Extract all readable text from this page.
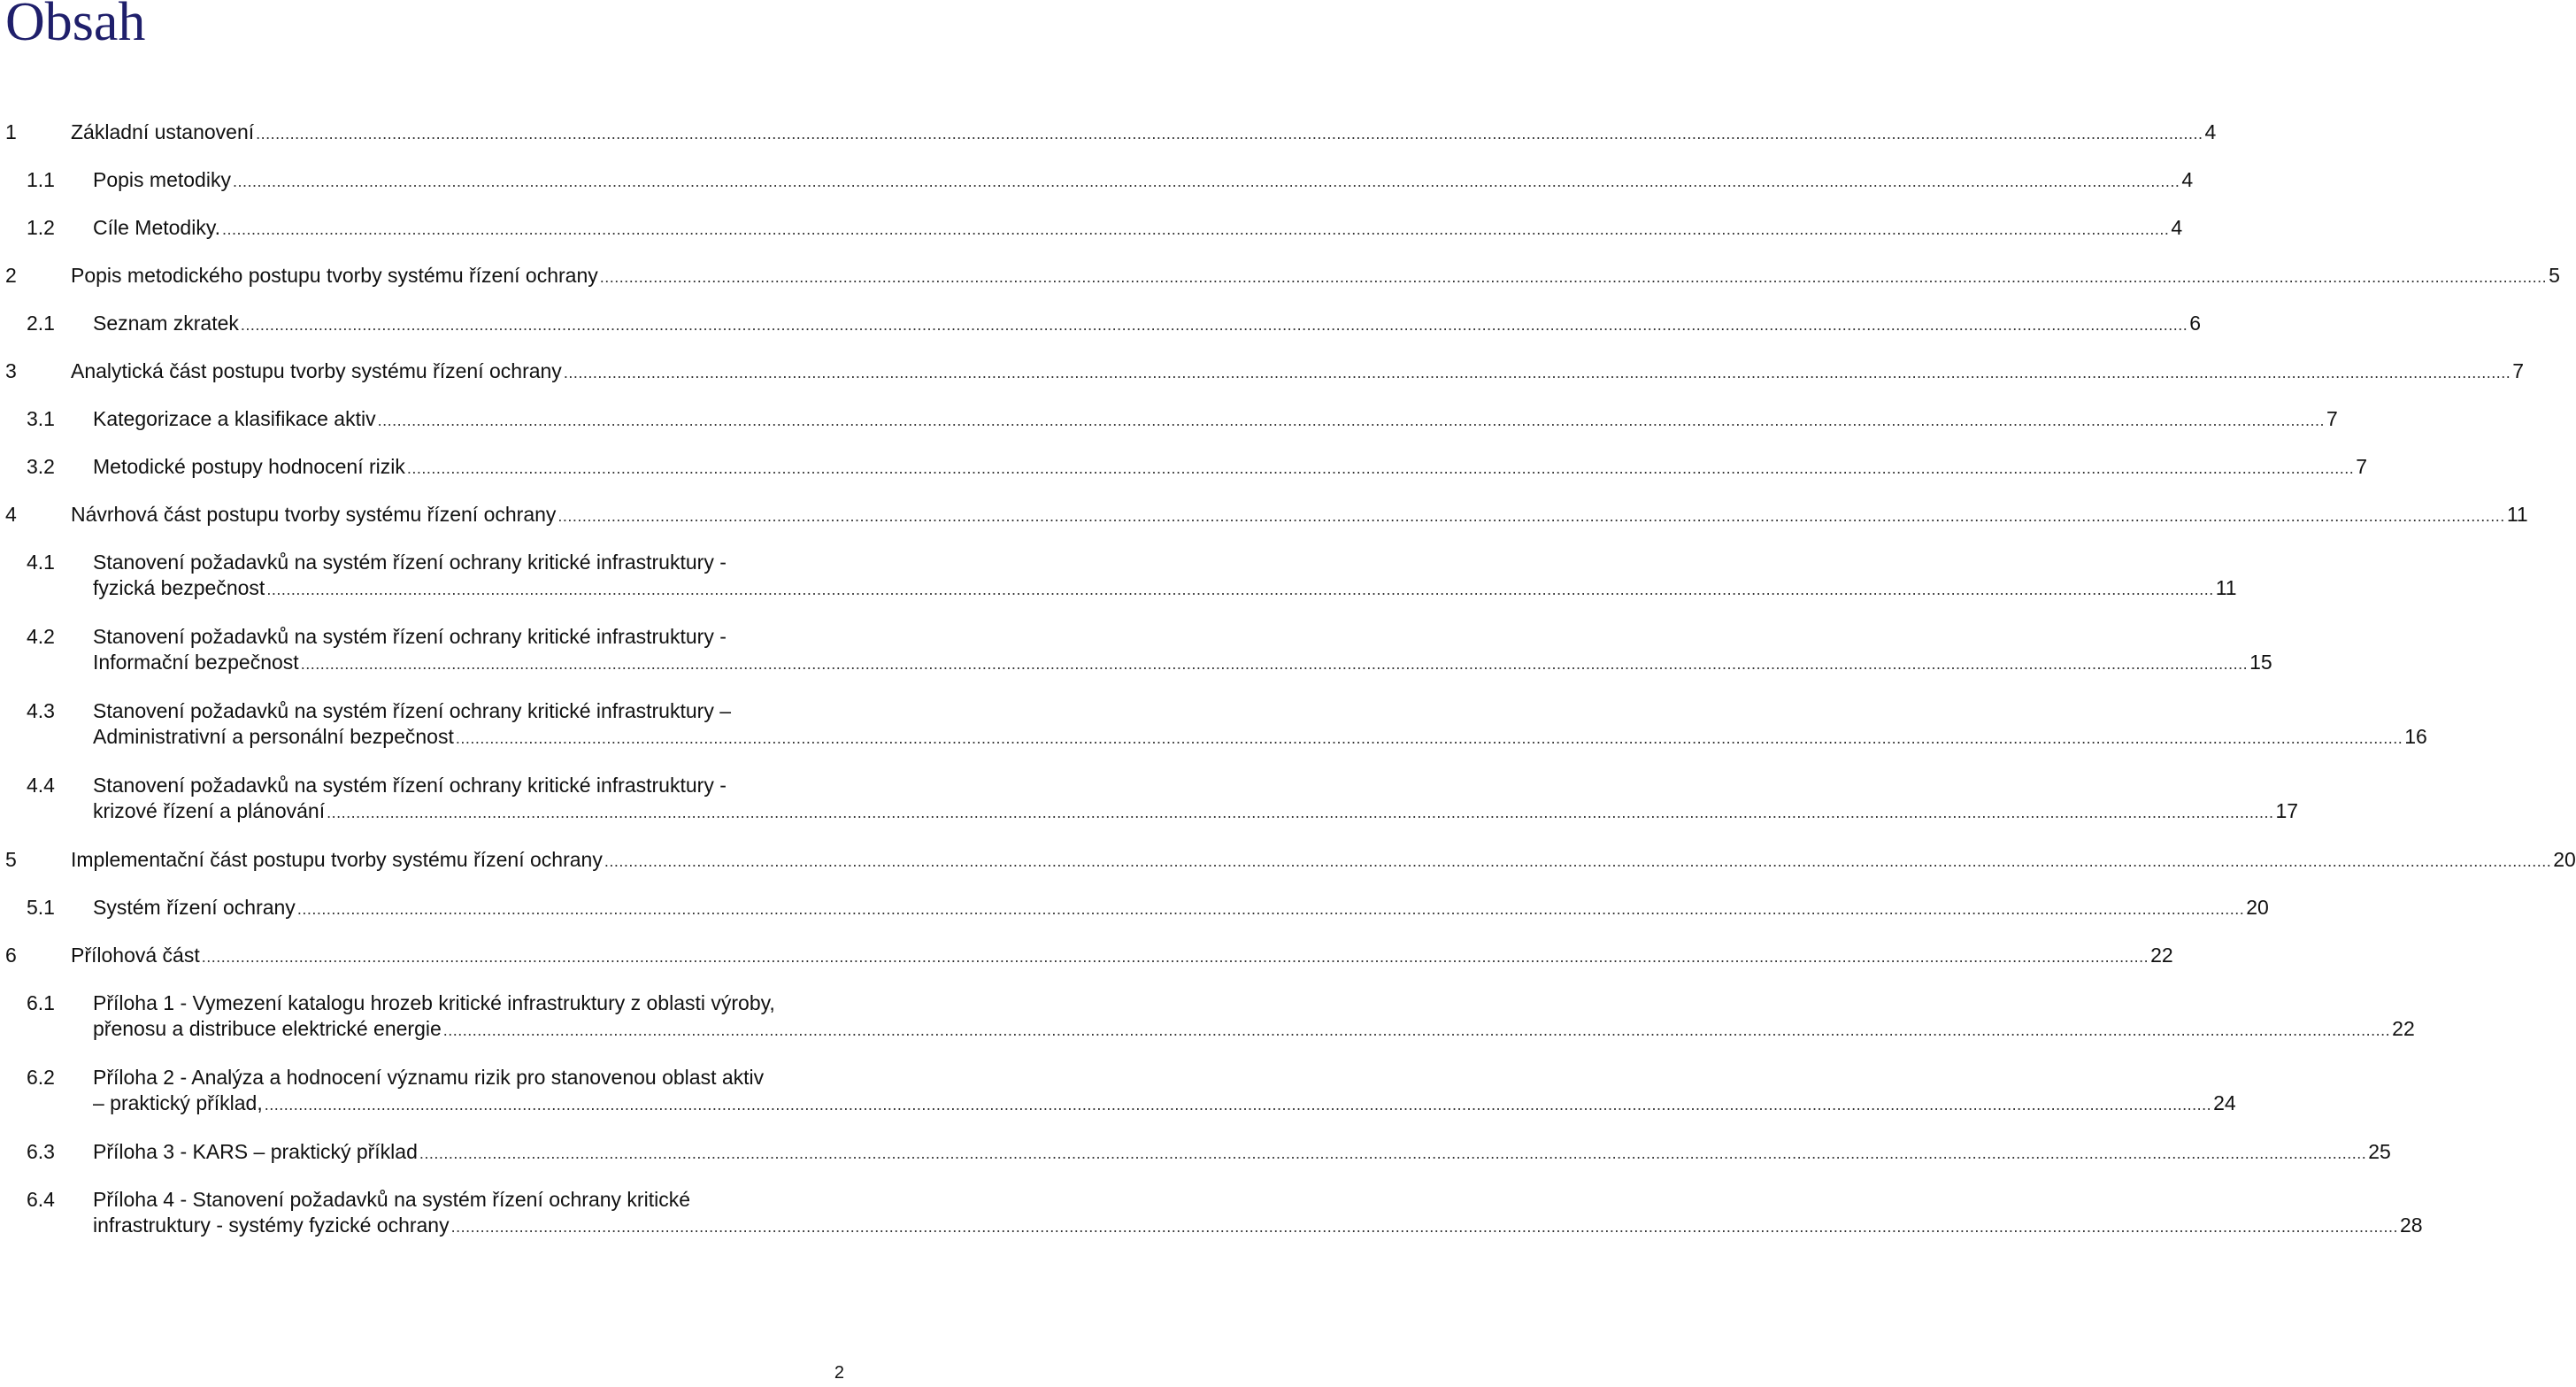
Obsah
1	Základní ustanovení ................................................................................................................................................................................................................................................................................................................................................................................................................ 4
1.1 Popis metodiky ................................................................................................................................................................................................................................................................................................................................................................................................................ 4
1.2 Cíle Metodiky. ................................................................................................................................................................................................................................................................................................................................................................................................................ 4
2	Popis metodického postupu tvorby systému řízení ochrany ................................................................................................................................................................................................................................................................................................................................................................................................................ 5
2.1 Seznam zkratek ................................................................................................................................................................................................................................................................................................................................................................................................................ 6
3	Analytická část postupu tvorby systému řízení ochrany ................................................................................................................................................................................................................................................................................................................................................................................................................ 7
3.1 Kategorizace a klasifikace aktiv ................................................................................................................................................................................................................................................................................................................................................................................................................ 7
3.2 Metodické postupy hodnocení rizik ................................................................................................................................................................................................................................................................................................................................................................................................................ 7
4	Návrhová část postupu tvorby systému řízení ochrany ................................................................................................................................................................................................................................................................................................................................................................................................................ 11
4.1 Stanovení požadavků na systém řízení ochrany kritické infrastruktury -
fyzická bezpečnost ................................................................................................................................................................................................................................................................................................................................................................................................................ 11
4.2 Stanovení požadavků na systém řízení ochrany kritické infrastruktury -
Informační bezpečnost ................................................................................................................................................................................................................................................................................................................................................................................................................ 15
4.3 Stanovení požadavků na systém řízení ochrany kritické infrastruktury –
Administrativní a personální bezpečnost ................................................................................................................................................................................................................................................................................................................................................................................................................ 16
4.4 Stanovení požadavků na systém řízení ochrany kritické infrastruktury -
krizové řízení a plánování ................................................................................................................................................................................................................................................................................................................................................................................................................ 17
5	Implementační část postupu tvorby systému řízení ochrany ................................................................................................................................................................................................................................................................................................................................................................................................................ 20
5.1 Systém řízení ochrany ................................................................................................................................................................................................................................................................................................................................................................................................................ 20
6	Přílohová část ................................................................................................................................................................................................................................................................................................................................................................................................................ 22
6.1 Příloha 1 - Vymezení katalogu hrozeb kritické infrastruktury z oblasti výroby,
přenosu a distribuce elektrické energie ................................................................................................................................................................................................................................................................................................................................................................................................................ 22
6.2 Příloha 2 - Analýza a hodnocení významu rizik pro stanovenou oblast aktiv
– praktický příklad, ................................................................................................................................................................................................................................................................................................................................................................................................................ 24
6.3 Příloha 3 - KARS – praktický příklad ................................................................................................................................................................................................................................................................................................................................................................................................................ 25
6.4 Příloha 4 - Stanovení požadavků na systém řízení ochrany kritické
infrastruktury - systémy fyzické ochrany ................................................................................................................................................................................................................................................................................................................................................................................................................ 28
2
